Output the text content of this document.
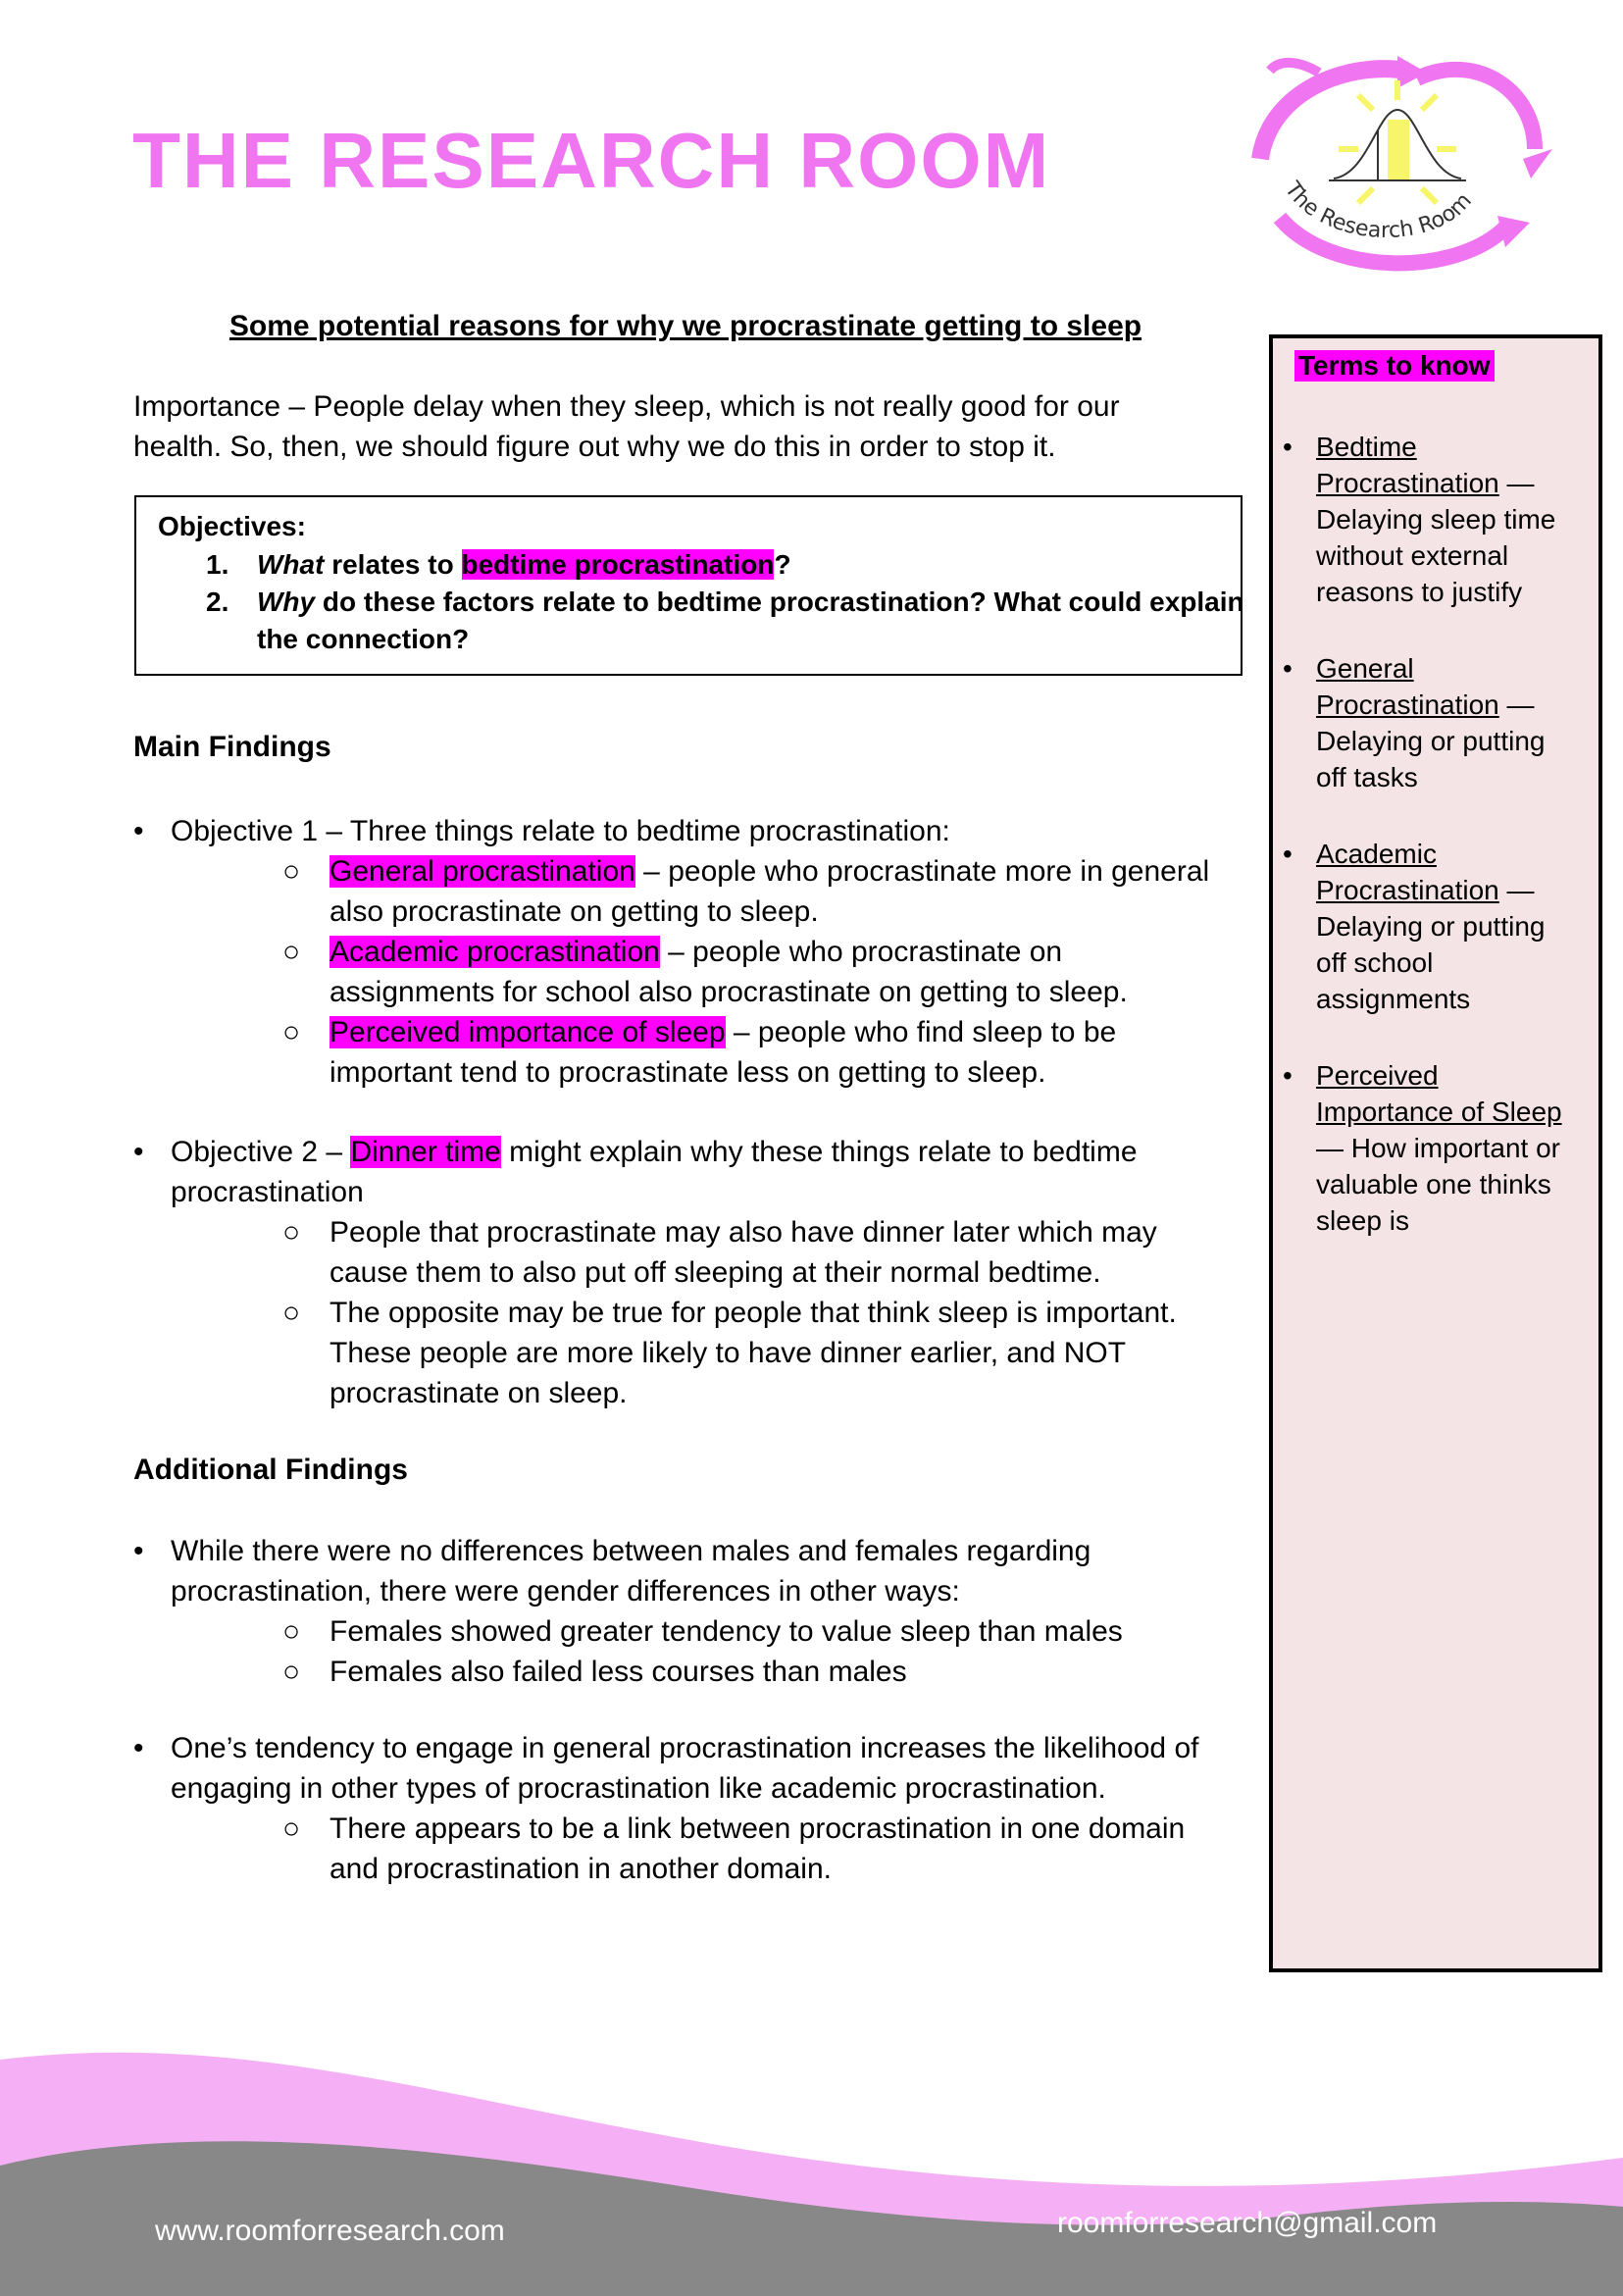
THE RESEARCH ROOM	The Research Room
Some potential reasons for why we procrastinate getting to sleep
Importance – People delay when they sleep, which is not really good for our
health. So, then, we should figure out why we do this in order to stop it.
Objectives:
1. What relates to bedtime procrastination?
2. Why do these factors relate to bedtime procrastination? What could explain
the connection?
Main Findings
• Objective 1 – Three things relate to bedtime procrastination:
○ General procrastination – people who procrastinate more in general
also procrastinate on getting to sleep.
○ Academic procrastination – people who procrastinate on
assignments for school also procrastinate on getting to sleep.
○ Perceived importance of sleep – people who find sleep to be
important tend to procrastinate less on getting to sleep.
• Objective 2 – Dinner time might explain why these things relate to bedtime
procrastination
○ People that procrastinate may also have dinner later which may
cause them to also put off sleeping at their normal bedtime.
○ The opposite may be true for people that think sleep is important.
These people are more likely to have dinner earlier, and NOT
procrastinate on sleep.
Additional Findings
• While there were no differences between males and females regarding
procrastination, there were gender differences in other ways:
○ Females showed greater tendency to value sleep than males
○ Females also failed less courses than males
• One’s tendency to engage in general procrastination increases the likelihood of
engaging in other types of procrastination like academic procrastination.
○ There appears to be a link between procrastination in one domain
and procrastination in another domain.
Terms to know
• Bedtime
Procrastination —
Delaying sleep time
without external
reasons to justify
• General
Procrastination —
Delaying or putting
off tasks
• Academic
Procrastination —
Delaying or putting
off school
assignments
• Perceived
Importance of Sleep
— How important or
valuable one thinks
sleep is
www.roomforresearch.com	roomforresearch@gmail.com
